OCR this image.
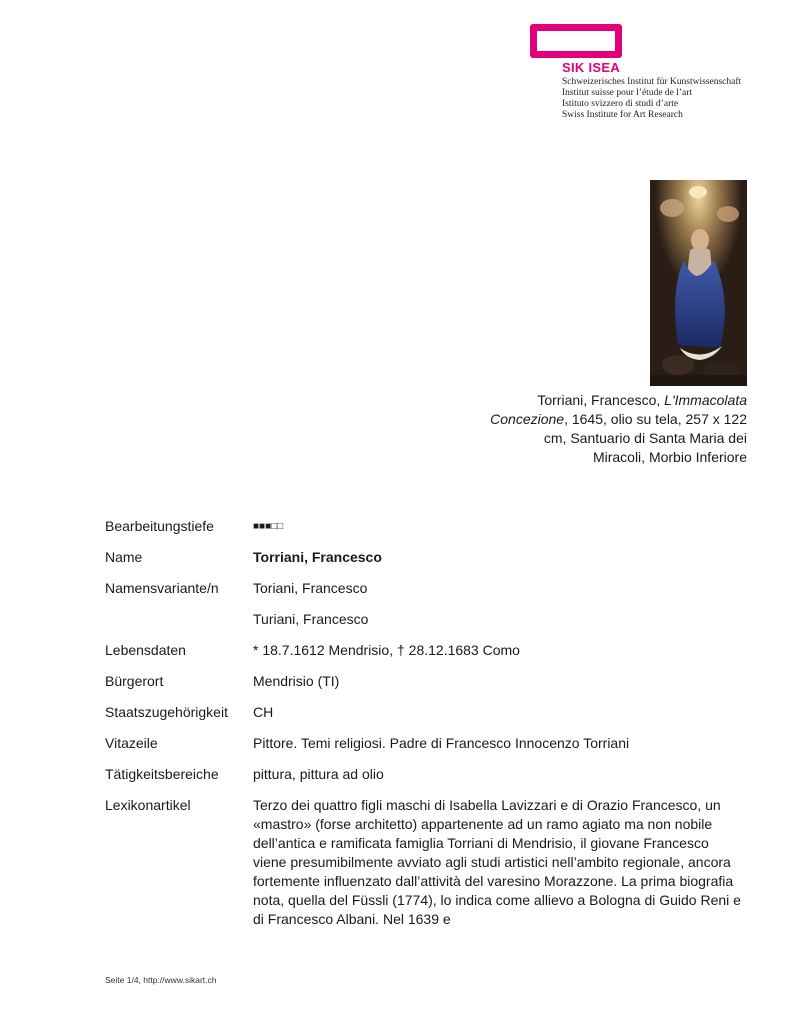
SIK ISEA
Schweizerisches Institut für Kunstwissenschaft
Institut suisse pour l’étude de l’art
Istituto svizzero di studi d’arte
Swiss Institute for Art Research
Torriani, Francesco, L'Immacolata Concezione, 1645, olio su tela, 257 x 122 cm, Santuario di Santa Maria dei Miracoli, Morbio Inferiore
Bearbeitungstiefe	■■■□□
Name	Torriani, Francesco
Namensvariante/n	Toriani, Francesco
Turiani, Francesco
Lebensdaten	* 18.7.1612 Mendrisio, † 28.12.1683 Como
Bürgerort	Mendrisio (TI)
Staatszugehörigkeit	CH
Vitazeile	Pittore. Temi religiosi. Padre di Francesco Innocenzo Torriani
Tätigkeitsbereiche	pittura, pittura ad olio
Lexikonartikel	Terzo dei quattro figli maschi di Isabella Lavizzari e di Orazio Francesco, un «mastro» (forse architetto) appartenente ad un ramo agiato ma non nobile dell’antica e ramificata famiglia Torriani di Mendrisio, il giovane Francesco viene presumibilmente avviato agli studi artistici nell’ambito regionale, ancora fortemente influenzato dall’attività del varesino Morazzone. La prima biografia nota, quella del Füssli (1774), lo indica come allievo a Bologna di Guido Reni e di Francesco Albani. Nel 1639 e
Seite 1/4, http://www.sikart.ch
